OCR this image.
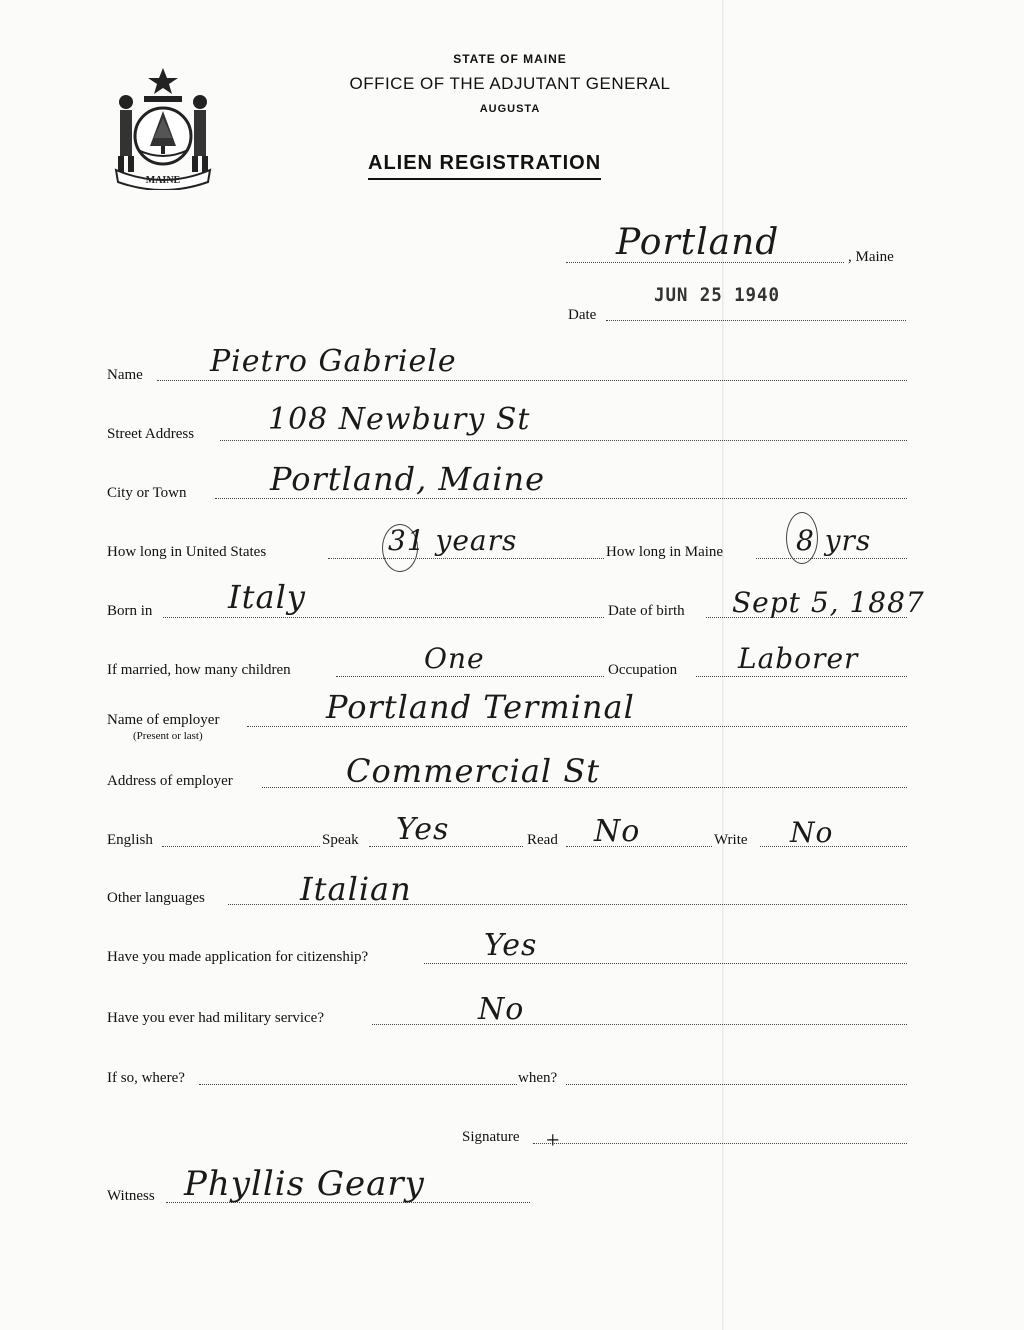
MAINE
STATE OF MAINE
OFFICE OF THE ADJUTANT GENERAL
AUGUSTA
ALIEN REGISTRATION
Portland	, Maine
JUN 25 1940
Date
Name Pietro Gabriele
Street Address 108 Newbury St
City or Town	Portland, Maine
How long in United States	31 years	How long in Maine	8 yrs
Born in Italy	Date of birth Sept 5, 1887
If married, how many children	One	Occupation Laborer
Name of employer
(Present or last)
Portland Terminal
Address of employer	Commercial St
English	Speak Yes	Read No	Write No
Other languages	Italian
Have you made application for citizenship?	Yes
Have you ever had military service?	No
If so, where?	when?
Signature +
Witness Phyllis Geary
